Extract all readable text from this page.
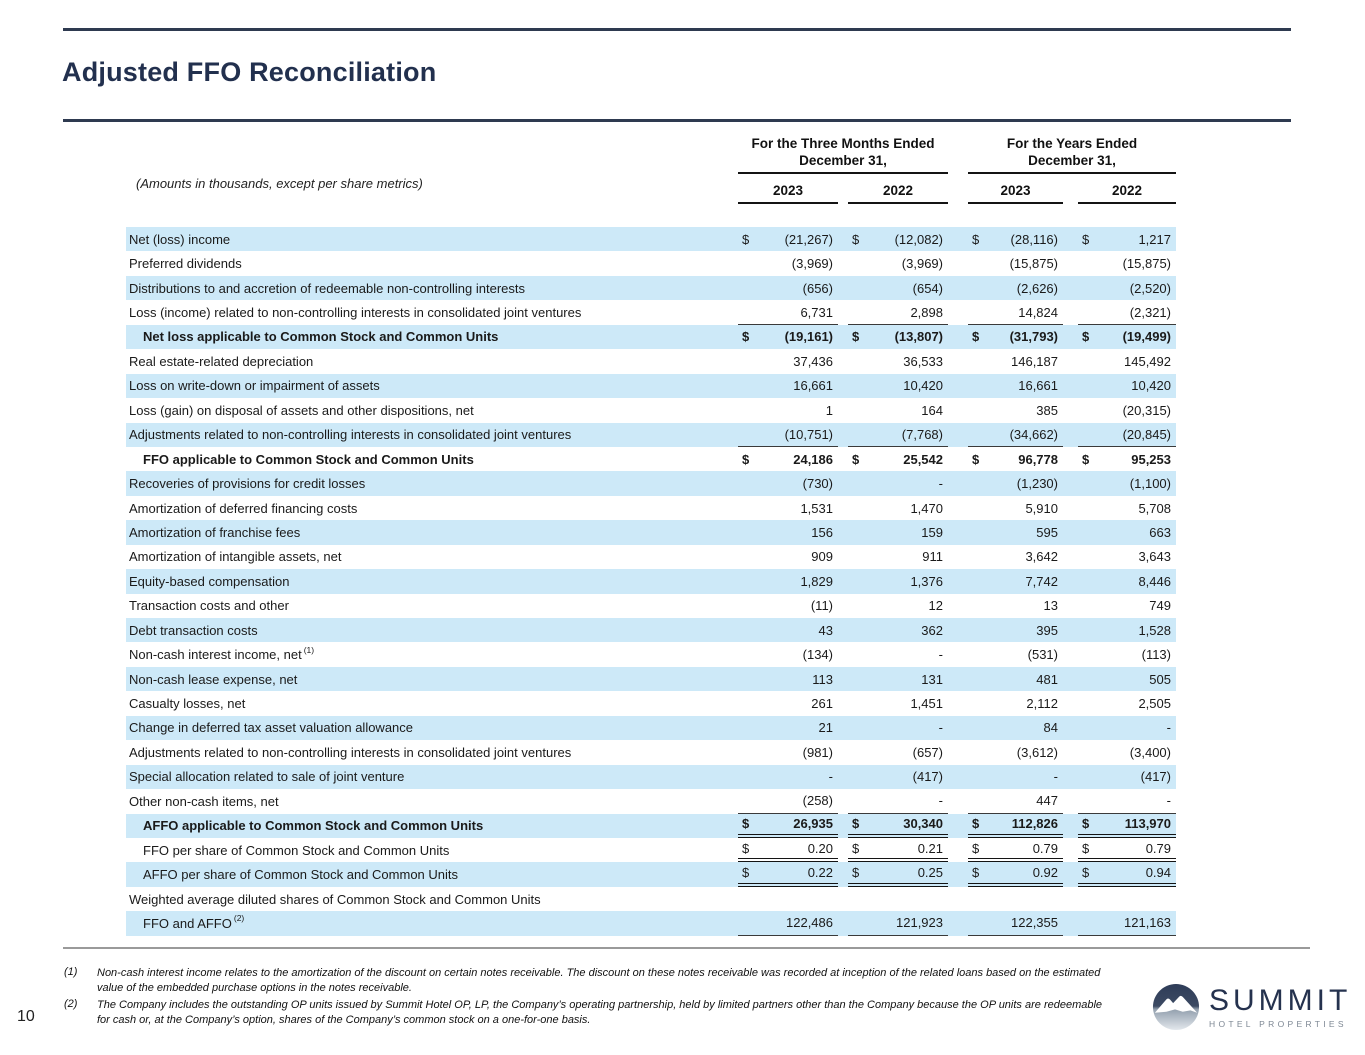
Adjusted FFO Reconciliation
(Amounts in thousands, except per share metrics)
For the Three Months Ended
December 31,
For the Years Ended
December 31,
2023	2022	2023	2022
Net (loss) income	$	(21,267) $	(12,082) $	(28,116) $	1,217
Preferred dividends	(3,969)	(3,969)	(15,875)	(15,875)
Distributions to and accretion of redeemable non-controlling interests	(656)	(654)	(2,626)	(2,520)
Loss (income) related to non-controlling interests in consolidated joint ventures	6,731	2,898	14,824	(2,321)
Net loss applicable to Common Stock and Common Units	$	(19,161) $	(13,807) $	(31,793) $	(19,499)
Real estate-related depreciation	37,436	36,533	146,187	145,492
Loss on write-down or impairment of assets	16,661	10,420	16,661	10,420
Loss (gain) on disposal of assets and other dispositions, net	1	164	385	(20,315)
Adjustments related to non-controlling interests in consolidated joint ventures	(10,751)	(7,768)	(34,662)	(20,845)
FFO applicable to Common Stock and Common Units	$	24,186 $	25,542 $	96,778 $	95,253
Recoveries of provisions for credit losses	(730)	-	(1,230)	(1,100)
Amortization of deferred financing costs	1,531	1,470	5,910	5,708
Amortization of franchise fees	156	159	595	663
Amortization of intangible assets, net	909	911	3,642	3,643
Equity-based compensation	1,829	1,376	7,742	8,446
Transaction costs and other	(11)	12	13	749
Debt transaction costs	43	362	395	1,528
Non-cash interest income, net$^{(1)}$	(134)	-	(531)	(113)
Non-cash lease expense, net	113	131	481	505
Casualty losses, net	261	1,451	2,112	2,505
Change in deferred tax asset valuation allowance	21	-	84	-
Adjustments related to non-controlling interests in consolidated joint ventures	(981)	(657)	(3,612)	(3,400)
Special allocation related to sale of joint venture	-	(417)	-	(417)
Other non-cash items, net	(258)	-	447	-
AFFO applicable to Common Stock and Common Units	$	26,935 $	30,340 $	112,826 $	113,970
FFO per share of Common Stock and Common Units	$	0.20 $	0.21 $	0.79 $	0.79
AFFO per share of Common Stock and Common Units	$	0.22 $	0.25 $	0.92 $	0.94
Weighted average diluted shares of Common Stock and Common Units
FFO and AFFO$^{(2)}$	122,486	121,923	122,355	121,163
(1)	Non-cash interest income relates to the amortization of the discount on certain notes receivable. The discount on these notes receivable was recorded at inception of the related loans based on the estimated value of the embedded purchase options in the notes receivable.
(2)	The Company includes the outstanding OP units issued by Summit Hotel OP, LP, the Company’s operating partnership, held by limited partners other than the Company because the OP units are redeemable for cash or, at the Company’s option, shares of the Company’s common stock on a one-for-one basis.
10	SUMMIT
HOTEL PROPERTIES
